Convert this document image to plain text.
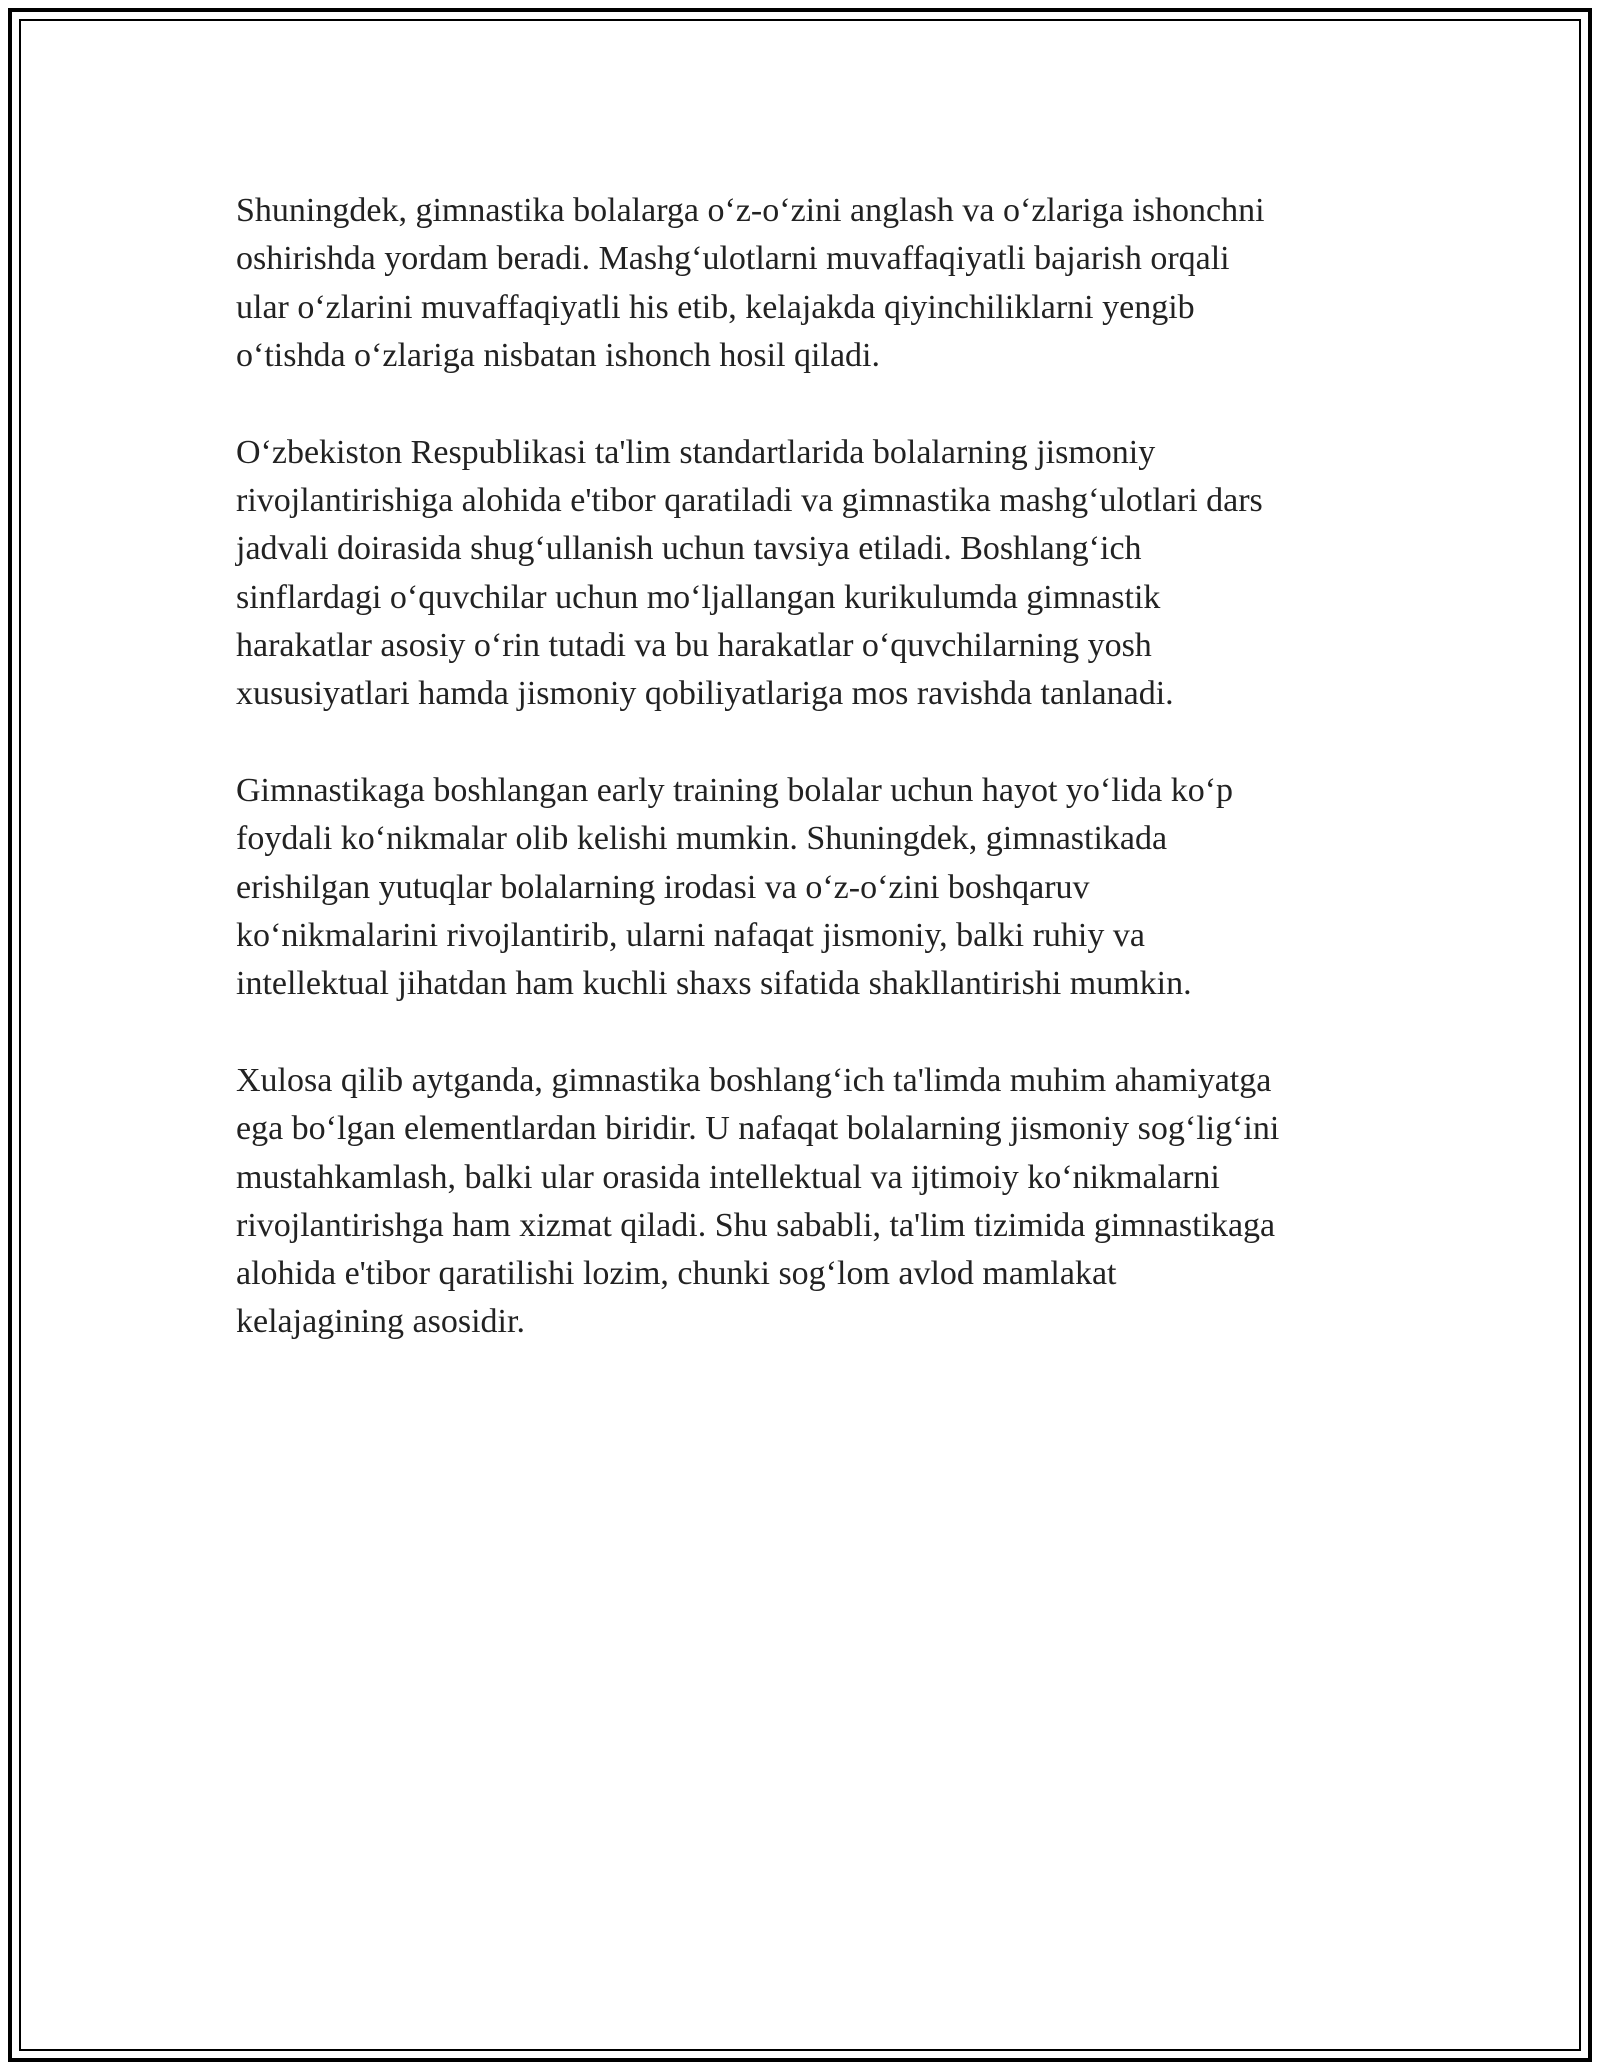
Shuningdek, gimnastika bolalarga o‘z-o‘zini anglash va o‘zlariga ishonchni
oshirishda yordam beradi. Mashg‘ulotlarni muvaffaqiyatli bajarish orqali
ular o‘zlarini muvaffaqiyatli his etib, kelajakda qiyinchiliklarni yengib
o‘tishda o‘zlariga nisbatan ishonch hosil qiladi.

O‘zbekiston Respublikasi ta'lim standartlarida bolalarning jismoniy
rivojlantirishiga alohida e'tibor qaratiladi va gimnastika mashg‘ulotlari dars
jadvali doirasida shug‘ullanish uchun tavsiya etiladi. Boshlang‘ich
sinflardagi o‘quvchilar uchun mo‘ljallangan kurikulumda gimnastik
harakatlar asosiy o‘rin tutadi va bu harakatlar o‘quvchilarning yosh
xususiyatlari hamda jismoniy qobiliyatlariga mos ravishda tanlanadi.

Gimnastikaga boshlangan early training bolalar uchun hayot yo‘lida ko‘p
foydali ko‘nikmalar olib kelishi mumkin. Shuningdek, gimnastikada
erishilgan yutuqlar bolalarning irodasi va o‘z-o‘zini boshqaruv
ko‘nikmalarini rivojlantirib, ularni nafaqat jismoniy, balki ruhiy va
intellektual jihatdan ham kuchli shaxs sifatida shakllantirishi mumkin.

Xulosa qilib aytganda, gimnastika boshlang‘ich ta'limda muhim ahamiyatga
ega bo‘lgan elementlardan biridir. U nafaqat bolalarning jismoniy sog‘lig‘ini
mustahkamlash, balki ular orasida intellektual va ijtimoiy ko‘nikmalarni
rivojlantirishga ham xizmat qiladi. Shu sababli, ta'lim tizimida gimnastikaga
alohida e'tibor qaratilishi lozim, chunki sog‘lom avlod mamlakat
kelajagining asosidir.
